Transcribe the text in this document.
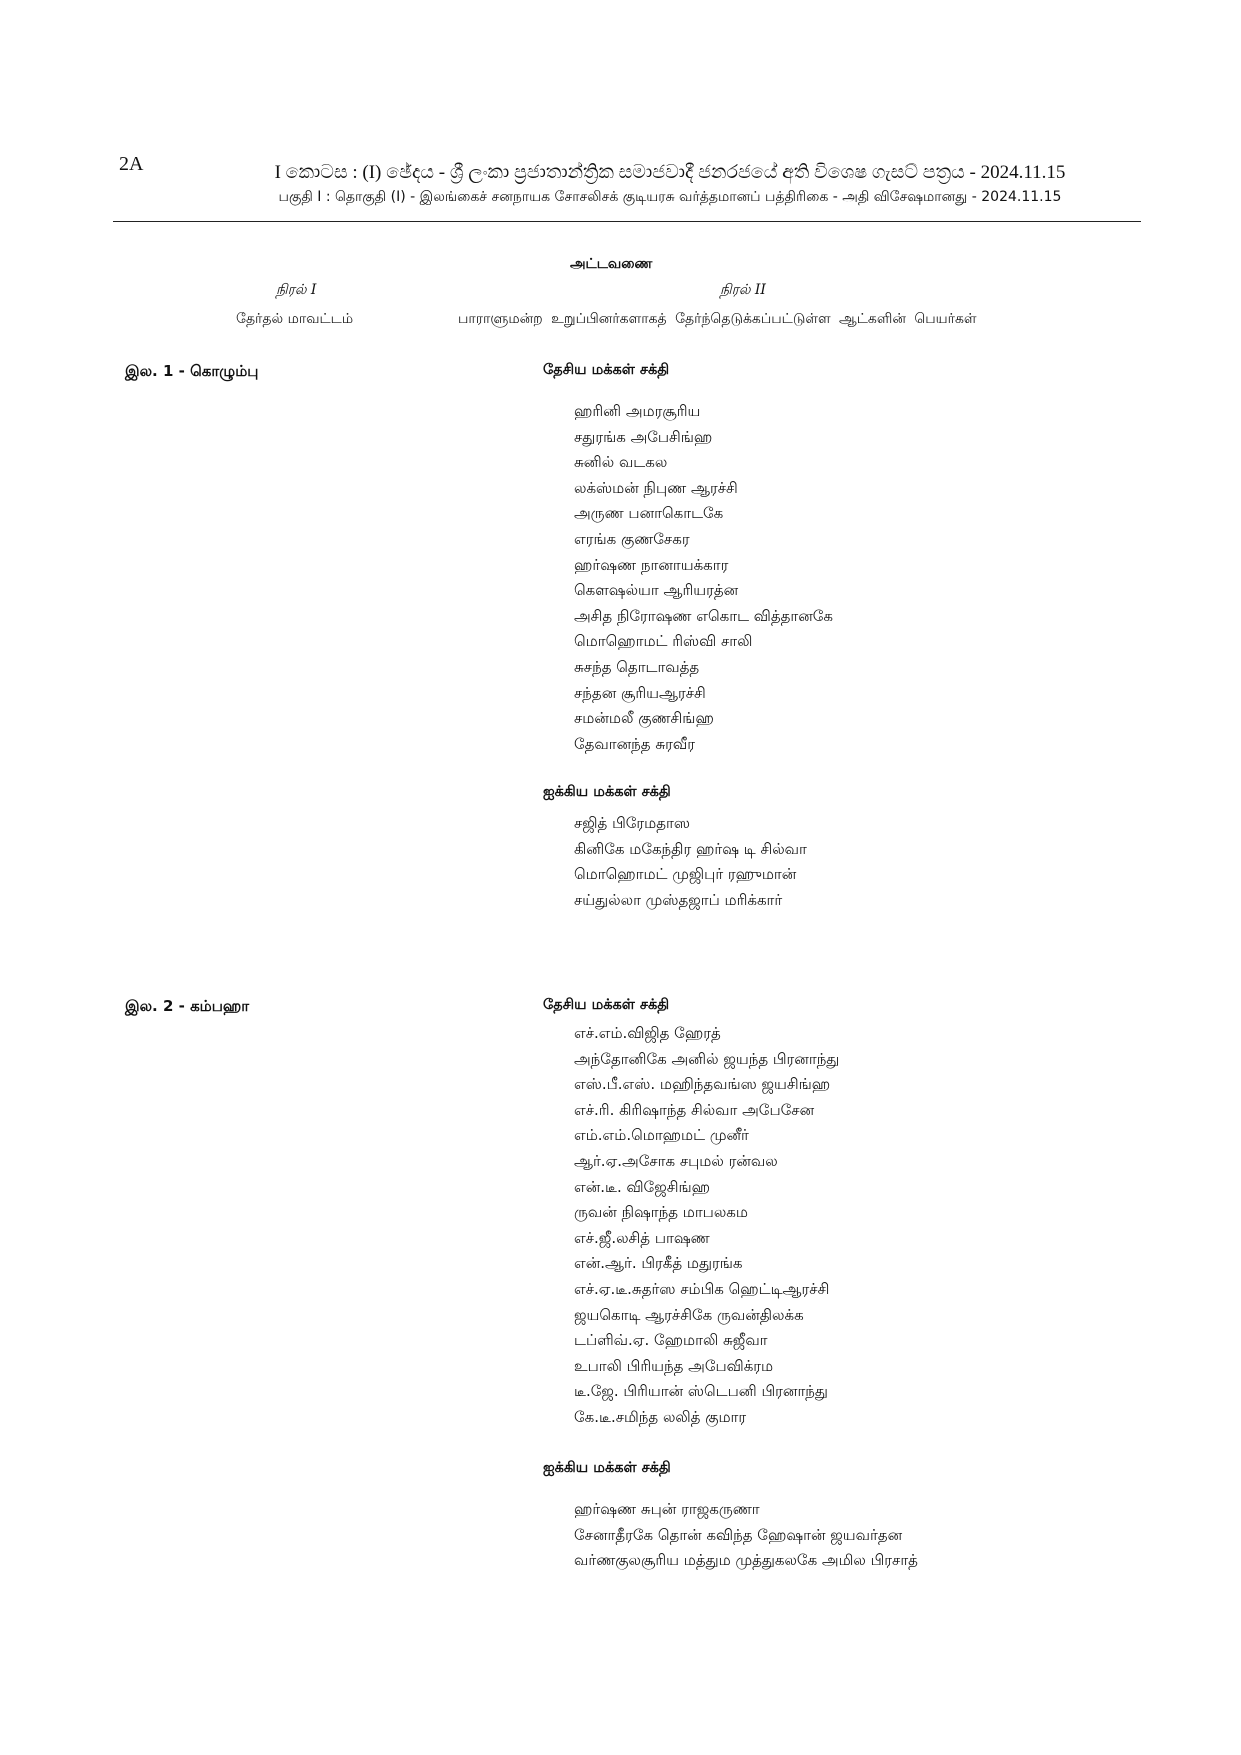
2A	I කොටස : (I) ඡේදය - ශ්‍රී ලංකා ප්‍රජාතාන්ත්‍රික සමාජවාදී ජනරජයේ අති විශෙෂ ගැසට් පත්‍රය - 2024.11.15
பகுதி I : தொகுதி (I) - இலங்கைச் சனநாயக சோசலிசக் குடியரசு வர்த்தமானப் பத்திரிகை - அதி விசேஷமானது - 2024.11.15
அட்டவணை
நிரல் I	நிரல் II
தேர்தல் மாவட்டம்	பாராளுமன்ற உறுப்பினர்களாகத் தேர்ந்தெடுக்கப்பட்டுள்ள ஆட்களின் பெயர்கள்
இல. 1 - கொழும்பு	தேசிய மக்கள் சக்தி
ஹரினி அமரசூரிய
சதுரங்க அபேசிங்ஹ
சுனில் வடகல
லக்ஸ்மன் நிபுண ஆரச்சி
அருண பனாகொடகே
எரங்க குணசேகர
ஹர்ஷண நானாயக்கார
கௌஷல்யா ஆரியரத்ன
அசித நிரோஷண எகொட வித்தானகே
மொஹொமட் ரிஸ்வி சாலி
சுசந்த தொடாவத்த
சந்தன சூரியஆரச்சி
சமன்மலீ குணசிங்ஹ
தேவானந்த சுரவீர
ஐக்கிய மக்கள் சக்தி
சஜித் பிரேமதாஸ
கினிகே மகேந்திர ஹர்ஷ டி சில்வா
மொஹொமட் முஜிபுர் ரஹுமான்
சய்துல்லா முஸ்தஜாப் மரிக்கார்
இல. 2 - கம்பஹா	தேசிய மக்கள் சக்தி
எச்.எம்.விஜித ஹேரத்
அந்தோனிகே அனில் ஜயந்த பிரனாந்து
எஸ்.பீ.எஸ். மஹிந்தவங்ஸ ஜயசிங்ஹ
எச்.ரி. கிரிஷாந்த சில்வா அபேசேன
எம்.எம்.மொஹமட் முனீர்
ஆர்.ஏ.அசோக சபுமல் ரன்வல
என்.டீ. விஜேசிங்ஹ
ருவன் நிஷாந்த மாபலகம
எச்.ஜீ.லசித் பாஷண
என்.ஆர். பிரகீத் மதுரங்க
எச்.ஏ.டீ.சுதர்ஸ சம்பிக ஹெட்டிஆரச்சி
ஜயகொடி ஆரச்சிகே ருவன்திலக்க
டப்ளிவ்.ஏ. ஹேமாலி சுஜீவா
உபாலி பிரியந்த அபேவிக்ரம
டீ.ஜே. பிரியான் ஸ்டெபனி பிரனாந்து
கே.டீ.சமிந்த லலித் குமார
ஐக்கிய மக்கள் சக்தி
ஹர்ஷண சுபுன் ராஜகருணா
சேனாதீரகே தொன் கவிந்த ஹேஷான் ஜயவர்தன
வர்ணகுலசூரிய மத்தும முத்துகலகே அமில பிரசாத்
